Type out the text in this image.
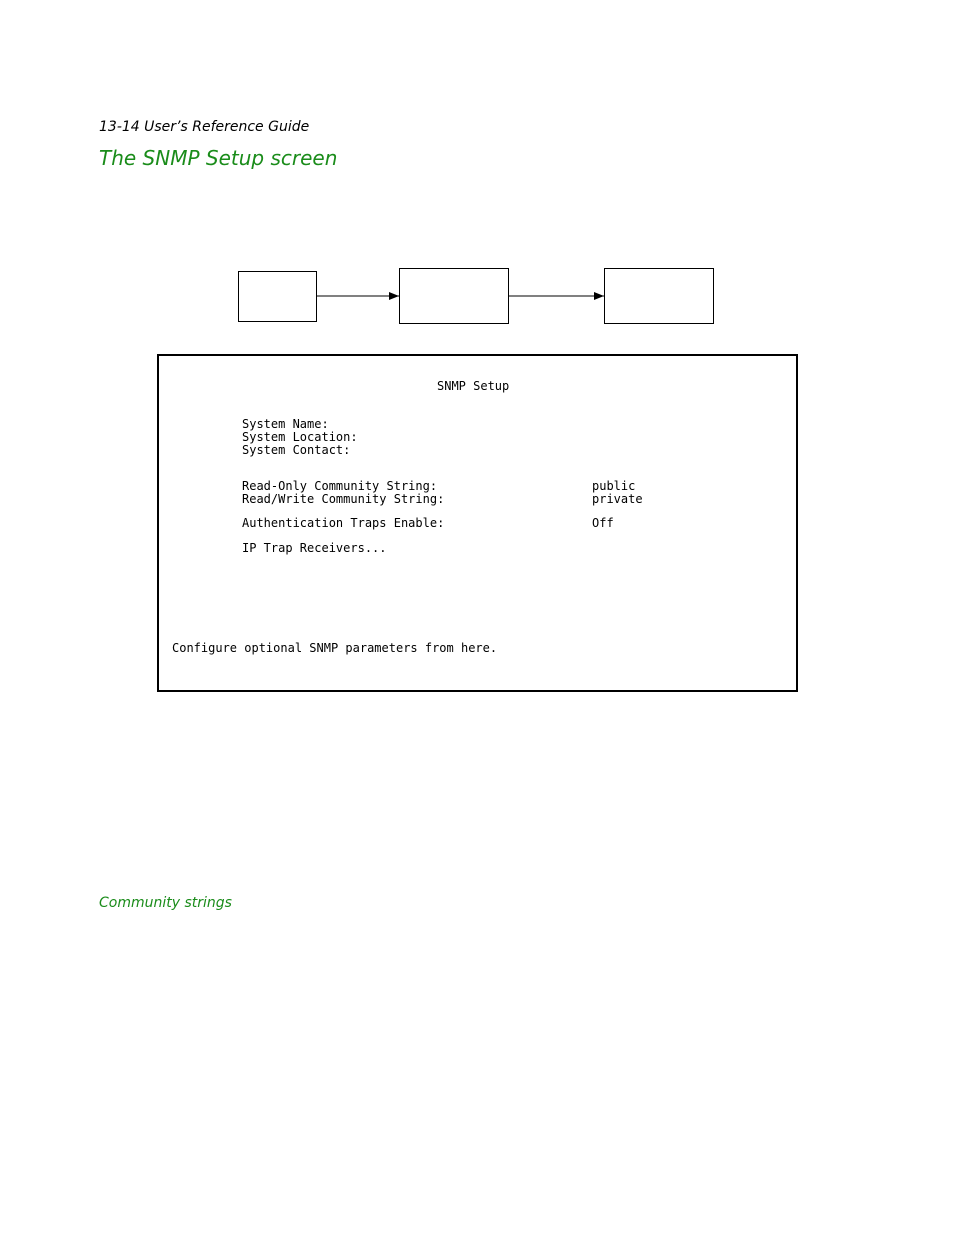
13-14 User’s Reference Guide
The SNMP Setup screen
SNMP Setup
System Name:
System Location:
System Contact:
Read-Only Community String:	public
Read/Write Community String:	private
Authentication Traps Enable:	Off
IP Trap Receivers...
Configure optional SNMP parameters from here.
Community strings
